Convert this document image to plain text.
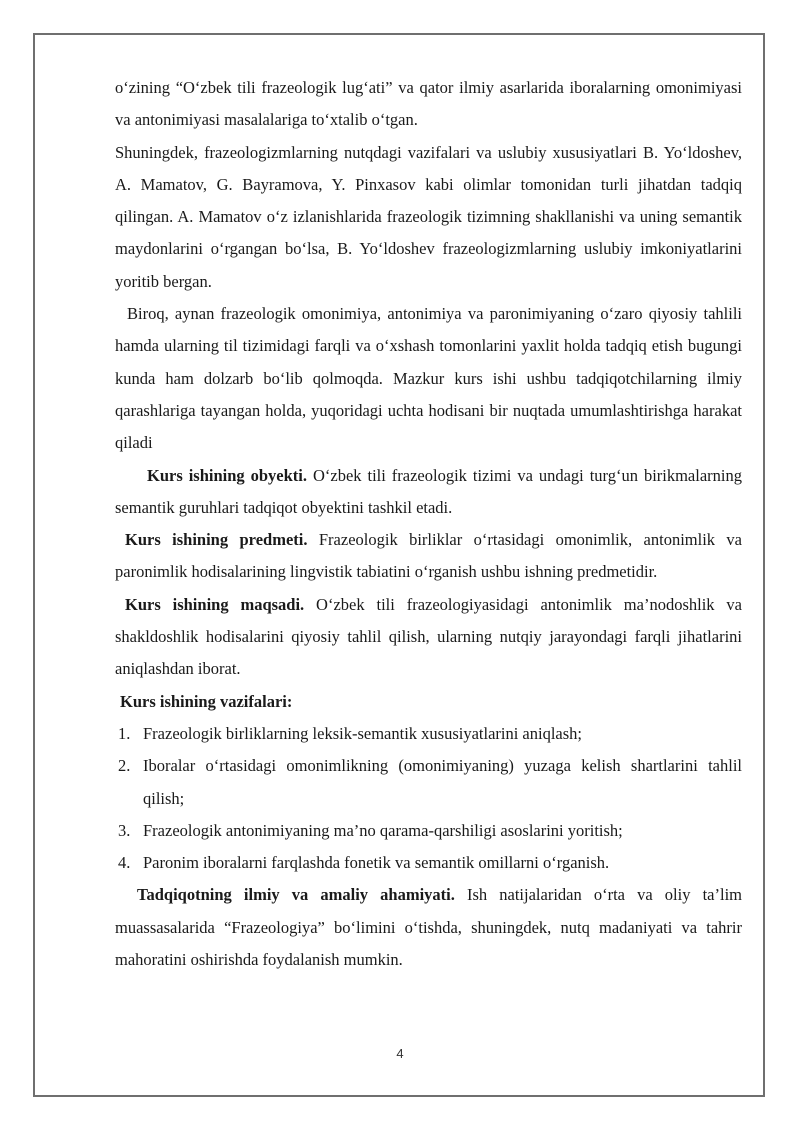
o‘zining “O‘zbek tili frazeologik lug‘ati” va qator ilmiy asarlarida iboralarning omonimiyasi va antonimiyasi masalalariga to‘xtalib o‘tgan.

Shuningdek, frazeologizmlarning nutqdagi vazifalari va uslubiy xususiyatlari B. Yo‘ldoshev, A. Mamatov, G. Bayramova, Y. Pinxasov kabi olimlar tomonidan turli jihatdan tadqiq qilingan. A. Mamatov o‘z izlanishlarida frazeologik tizimning shakllanishi va uning semantik maydonlarini o‘rgangan bo‘lsa, B. Yo‘ldoshev frazeologizmlarning uslubiy imkoniyatlarini yoritib bergan.

Biroq, aynan frazeologik omonimiya, antonimiya va paronimiyaning o‘zaro qiyosiy tahlili hamda ularning til tizimidagi farqli va o‘xshash tomonlarini yaxlit holda tadqiq etish bugungi kunda ham dolzarb bo‘lib qolmoqda. Mazkur kurs ishi ushbu tadqiqotchilarning ilmiy qarashlariga tayangan holda, yuqoridagi uchta hodisani bir nuqtada umumlashtirishga harakat qiladi

Kurs ishining obyekti. O‘zbek tili frazeologik tizimi va undagi turg‘un birikmalarning semantik guruhlari tadqiqot obyektini tashkil etadi.

Kurs ishining predmeti. Frazeologik birliklar o‘rtasidagi omonimlik, antonimlik va paronimlik hodisalarining lingvistik tabiatini o‘rganish ushbu ishning predmetidir.

Kurs ishining maqsadi. O‘zbek tili frazeologiyasidagi antonimlik ma’nodoshlik va shakldoshlik hodisalarini qiyosiy tahlil qilish, ularning nutqiy jarayondagi farqli jihatlarini aniqlashdan iborat.

Kurs ishining vazifalari:

1. Frazeologik birliklarning leksik-semantik xususiyatlarini aniqlash;
2. Iboralar o‘rtasidagi omonimlikning (omonimiyaning) yuzaga kelish shartlarini tahlil qilish;
3. Frazeologik antonimiyaning ma’no qarama-qarshiligi asoslarini yoritish;
4. Paronim iboralarni farqlashda fonetik va semantik omillarni o‘rganish.

Tadqiqotning ilmiy va amaliy ahamiyati. Ish natijalaridan o‘rta va oliy ta’lim muassasalarida “Frazeologiya” bo‘limini o‘tishda, shuningdek, nutq madaniyati va tahrir mahoratini oshirishda foydalanish mumkin.

4
